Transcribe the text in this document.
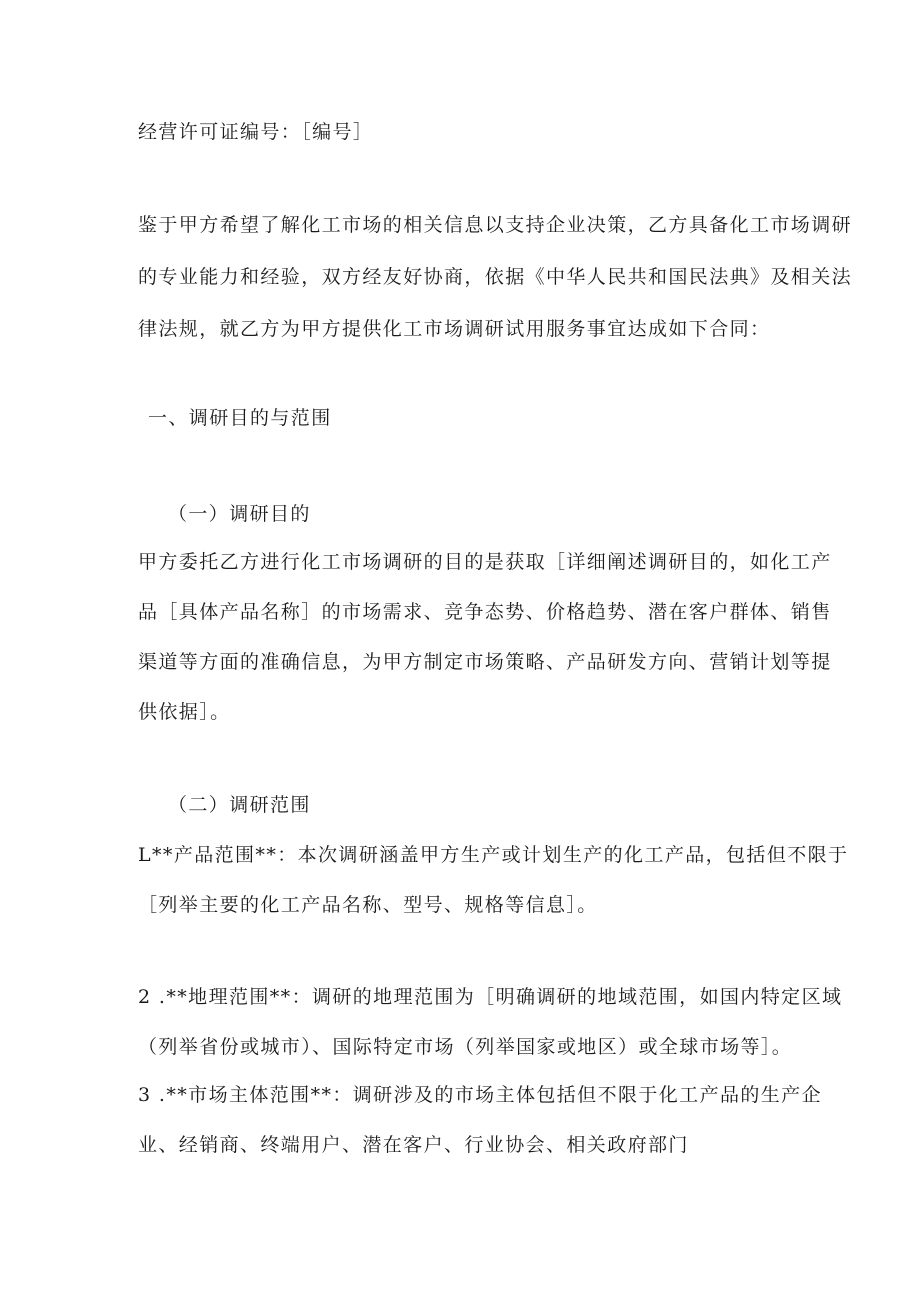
经营许可证编号：［编号］
鉴于甲方希望了解化工市场的相关信息以支持企业决策，乙方具备化工市场调研
的专业能力和经验，双方经友好协商，依据《中华人民共和国民法典》及相关法
律法规，就乙方为甲方提供化工市场调研试用服务事宜达成如下合同：
一、调研目的与范围
（一）调研目的
甲方委托乙方进行化工市场调研的目的是获取［详细阐述调研目的，如化工产
品［具体产品名称］的市场需求、竞争态势、价格趋势、潜在客户群体、销售
渠道等方面的准确信息，为甲方制定市场策略、产品研发方向、营销计划等提
供依据］。
（二）调研范围
L**产品范围**：本次调研涵盖甲方生产或计划生产的化工产品，包括但不限于
［列举主要的化工产品名称、型号、规格等信息］。
2 .**地理范围**：调研的地理范围为［明确调研的地域范围，如国内特定区域
（列举省份或城市）、国际特定市场（列举国家或地区）或全球市场等］。
3 .**市场主体范围**：调研涉及的市场主体包括但不限于化工产品的生产企
业、经销商、终端用户、潜在客户、行业协会、相关政府部门
